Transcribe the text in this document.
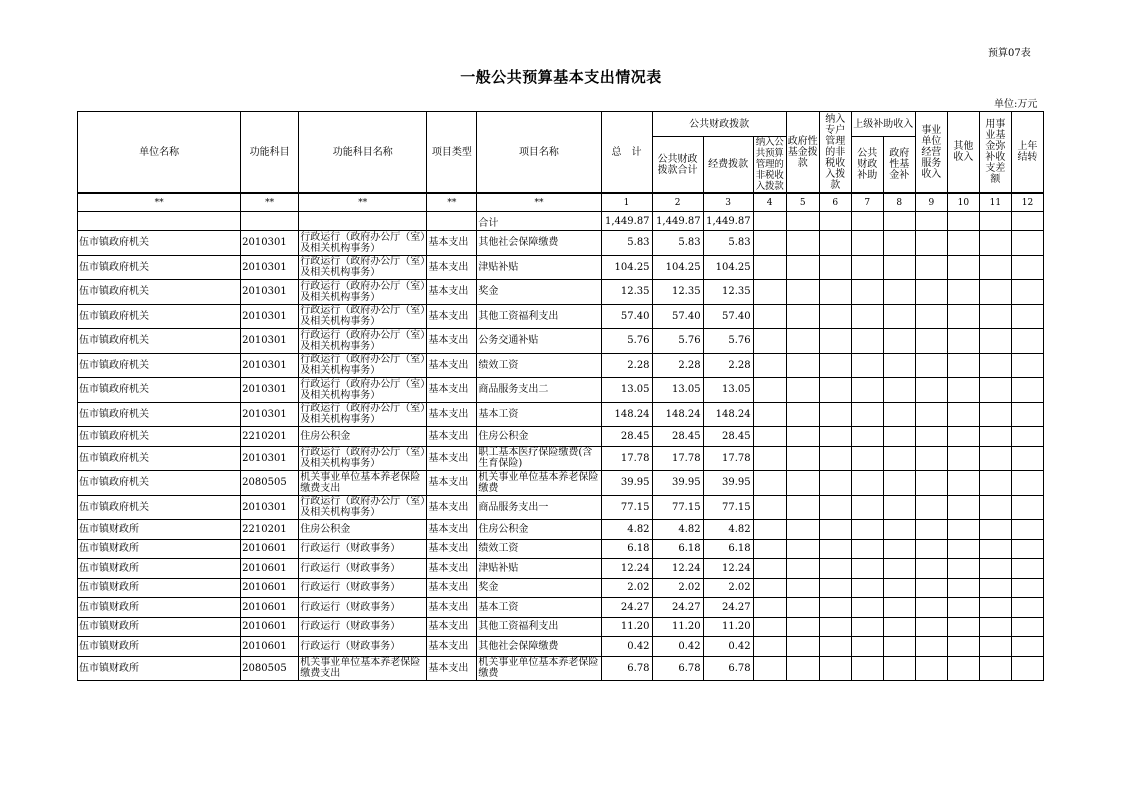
预算07表
一般公共预算基本支出情况表
单位:万元
单位名称	功能科目	功能科目名称	项目类型	项目名称	总　计	公共财政拨款			政府性基金拨款	纳入专户管理的非税收入拨款	上级补助收入		事业单位经营服务收入	其他收入	用事业基金弥补收支差额	上年结转
						公共财政拨款合计	经费拨款	纳入公共预算管理的非税收入拨款								
											公共财政补助	政府性基金补				
**	**	**	**	**	1	2	3	4	5	6	7	8	9	10	11	12
				合计	1,449.87	1,449.87	1,449.87									
伍市镇政府机关	2010301	行政运行（政府办公厅（室）及相关机构事务）	基本支出	其他社会保障缴费	5.83	5.83	5.83									
伍市镇政府机关	2010301	行政运行（政府办公厅（室）及相关机构事务）	基本支出	津贴补贴	104.25	104.25	104.25									
伍市镇政府机关	2010301	行政运行（政府办公厅（室）及相关机构事务）	基本支出	奖金	12.35	12.35	12.35									
伍市镇政府机关	2010301	行政运行（政府办公厅（室）及相关机构事务）	基本支出	其他工资福利支出	57.40	57.40	57.40									
伍市镇政府机关	2010301	行政运行（政府办公厅（室）及相关机构事务）	基本支出	公务交通补贴	5.76	5.76	5.76									
伍市镇政府机关	2010301	行政运行（政府办公厅（室）及相关机构事务）	基本支出	绩效工资	2.28	2.28	2.28									
伍市镇政府机关	2010301	行政运行（政府办公厅（室）及相关机构事务）	基本支出	商品服务支出二	13.05	13.05	13.05									
伍市镇政府机关	2010301	行政运行（政府办公厅（室）及相关机构事务）	基本支出	基本工资	148.24	148.24	148.24									
伍市镇政府机关	2210201	住房公积金	基本支出	住房公积金	28.45	28.45	28.45									
伍市镇政府机关	2010301	行政运行（政府办公厅（室）及相关机构事务）	基本支出	职工基本医疗保险缴费(含生育保险)	17.78	17.78	17.78									
伍市镇政府机关	2080505	机关事业单位基本养老保险缴费支出	基本支出	机关事业单位基本养老保险缴费	39.95	39.95	39.95									
伍市镇政府机关	2010301	行政运行（政府办公厅（室）及相关机构事务）	基本支出	商品服务支出一	77.15	77.15	77.15									
伍市镇财政所	2210201	住房公积金	基本支出	住房公积金	4.82	4.82	4.82									
伍市镇财政所	2010601	行政运行（财政事务）	基本支出	绩效工资	6.18	6.18	6.18									
伍市镇财政所	2010601	行政运行（财政事务）	基本支出	津贴补贴	12.24	12.24	12.24									
伍市镇财政所	2010601	行政运行（财政事务）	基本支出	奖金	2.02	2.02	2.02									
伍市镇财政所	2010601	行政运行（财政事务）	基本支出	基本工资	24.27	24.27	24.27									
伍市镇财政所	2010601	行政运行（财政事务）	基本支出	其他工资福利支出	11.20	11.20	11.20									
伍市镇财政所	2010601	行政运行（财政事务）	基本支出	其他社会保障缴费	0.42	0.42	0.42									
伍市镇财政所	2080505	机关事业单位基本养老保险缴费支出	基本支出	机关事业单位基本养老保险缴费	6.78	6.78	6.78									
